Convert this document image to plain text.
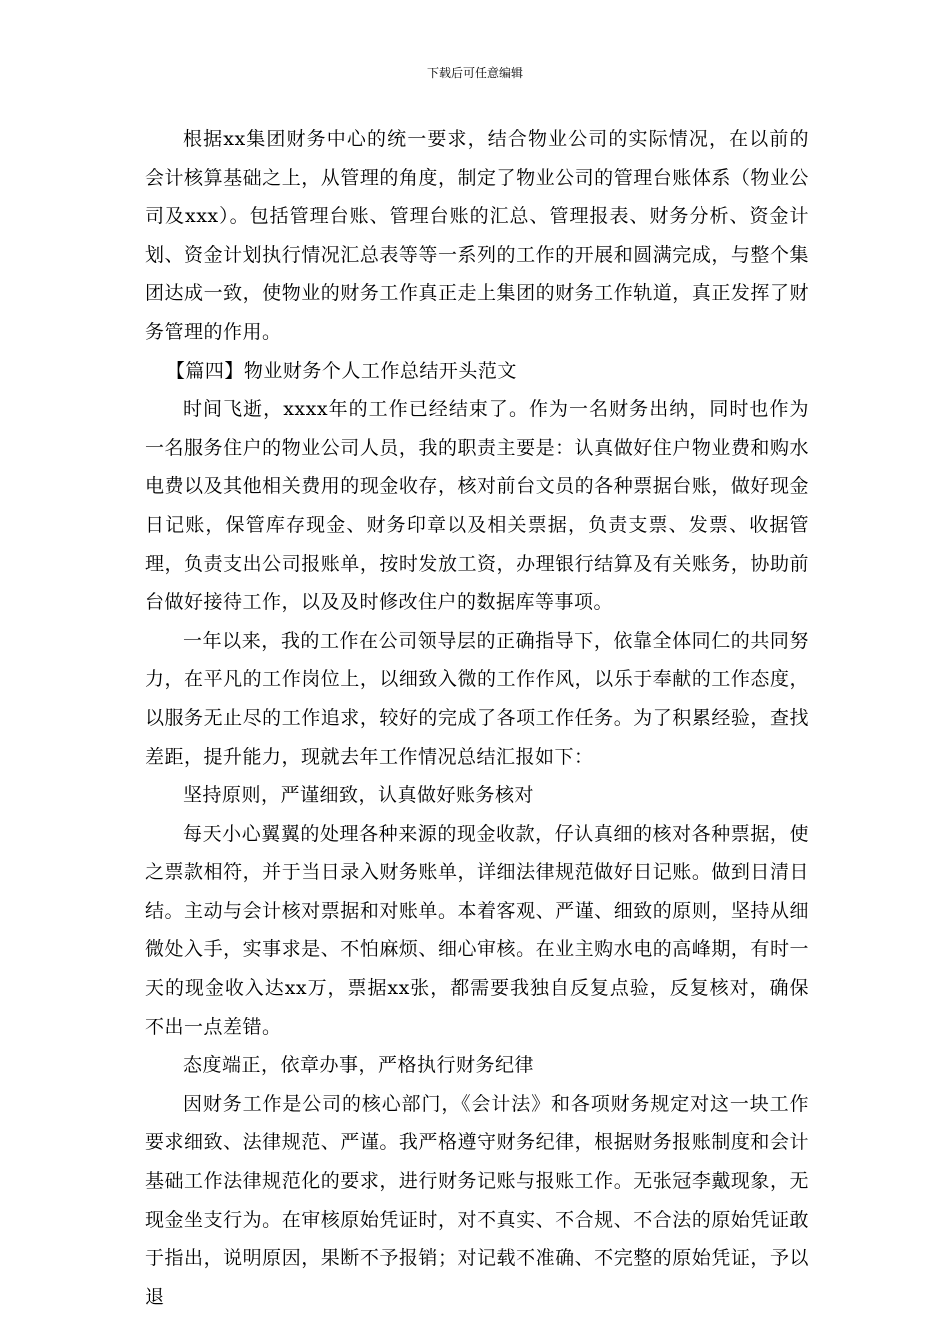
下载后可任意编辑

根据xx集团财务中心的统一要求，结合物业公司的实际情况，在以前的会计核算基础之上，从管理的角度，制定了物业公司的管理台账体系（物业公司及xxx）。包括管理台账、管理台账的汇总、管理报表、财务分析、资金计划、资金计划执行情况汇总表等等一系列的工作的开展和圆满完成，与整个集团达成一致，使物业的财务工作真正走上集团的财务工作轨道，真正发挥了财务管理的作用。

【篇四】物业财务个人工作总结开头范文

时间飞逝，xxxx年的工作已经结束了。作为一名财务出纳，同时也作为一名服务住户的物业公司人员，我的职责主要是：认真做好住户物业费和购水电费以及其他相关费用的现金收存，核对前台文员的各种票据台账，做好现金日记账，保管库存现金、财务印章以及相关票据，负责支票、发票、收据管理，负责支出公司报账单，按时发放工资，办理银行结算及有关账务，协助前台做好接待工作，以及及时修改住户的数据库等事项。

一年以来，我的工作在公司领导层的正确指导下，依靠全体同仁的共同努力，在平凡的工作岗位上，以细致入微的工作作风，以乐于奉献的工作态度，以服务无止尽的工作追求，较好的完成了各项工作任务。为了积累经验，查找差距，提升能力，现就去年工作情况总结汇报如下：

坚持原则，严谨细致，认真做好账务核对

每天小心翼翼的处理各种来源的现金收款，仔认真细的核对各种票据，使之票款相符，并于当日录入财务账单，详细法律规范做好日记账。做到日清日结。主动与会计核对票据和对账单。本着客观、严谨、细致的原则，坚持从细微处入手，实事求是、不怕麻烦、细心审核。在业主购水电的高峰期，有时一天的现金收入达xx万，票据xx张，都需要我独自反复点验，反复核对，确保不出一点差错。

态度端正，依章办事，严格执行财务纪律

因财务工作是公司的核心部门，《会计法》和各项财务规定对这一块工作要求细致、法律规范、严谨。我严格遵守财务纪律，根据财务报账制度和会计基础工作法律规范化的要求，进行财务记账与报账工作。无张冠李戴现象，无现金坐支行为。在审核原始凭证时，对不真实、不合规、不合法的原始凭证敢于指出，说明原因，果断不予报销；对记载不准确、不完整的原始凭证，予以退
